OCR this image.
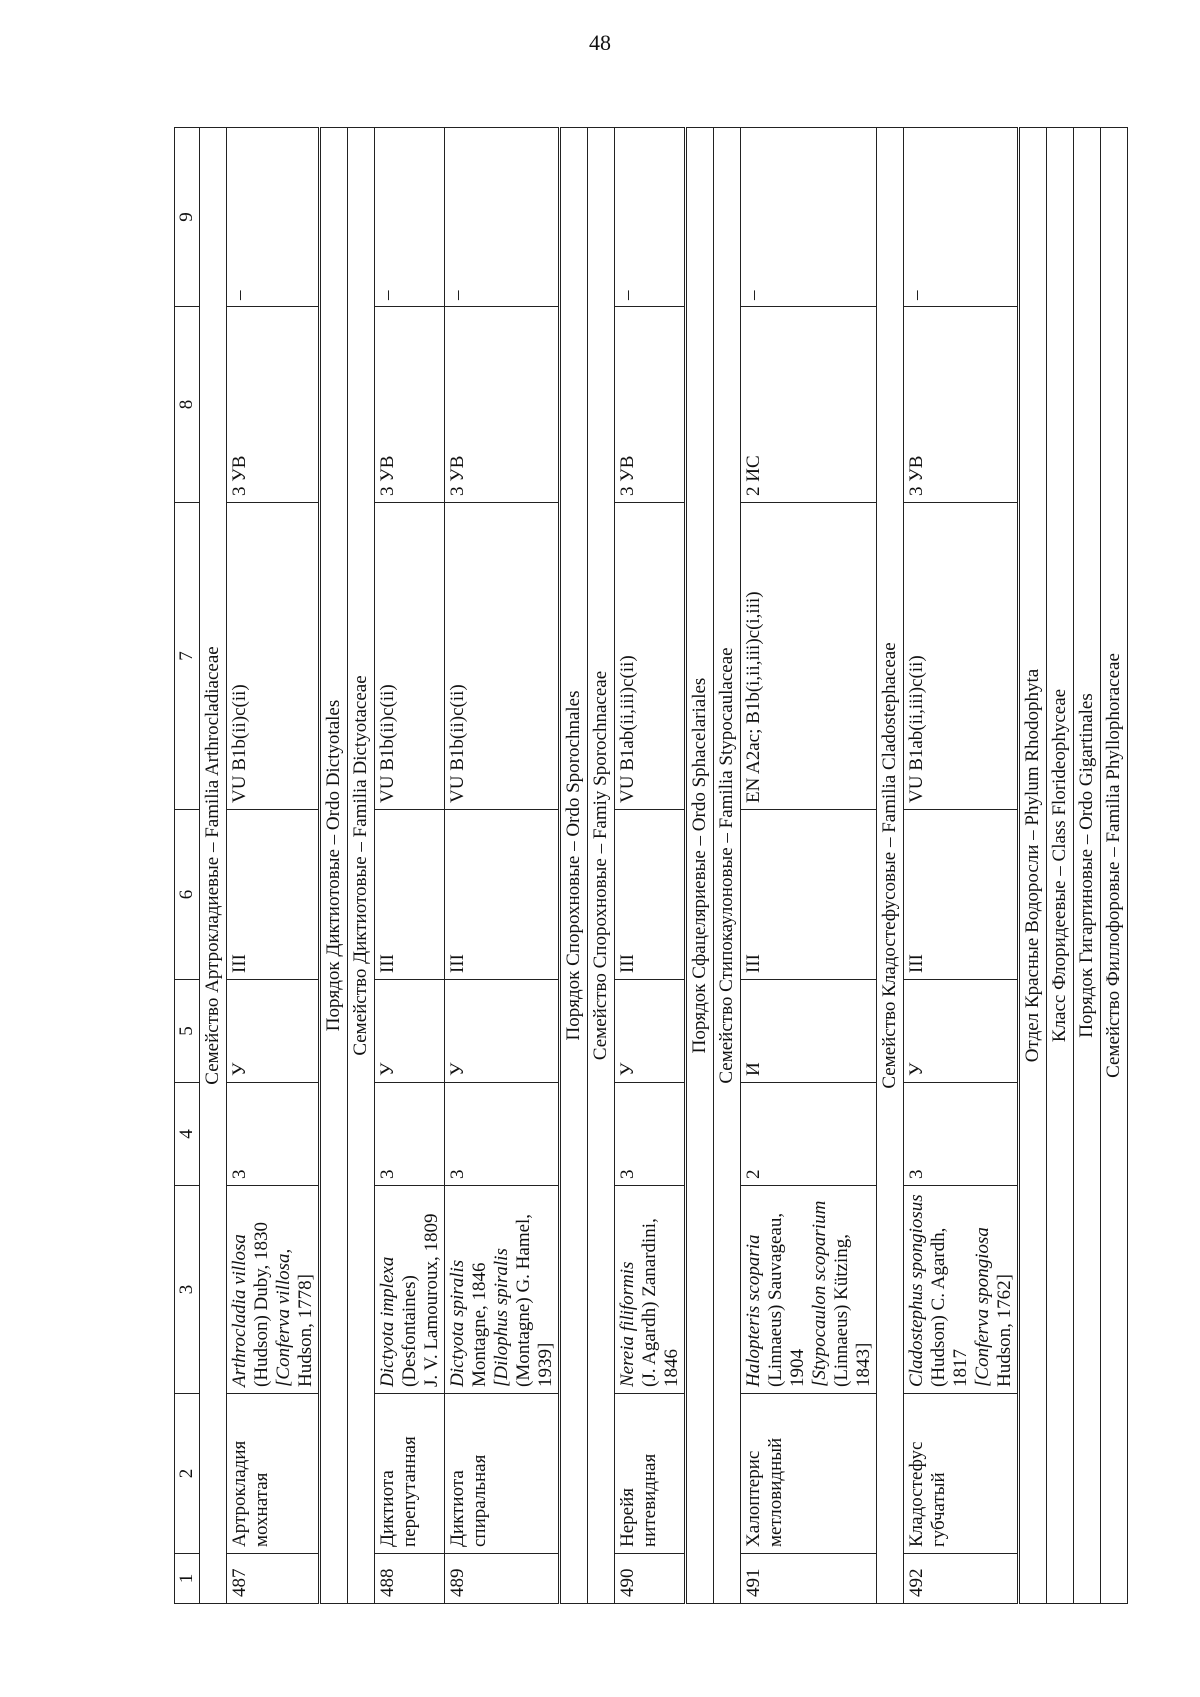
48
1	2	3	4	5	6	7	8	9
Семейство Артрокладиевые – Familia Arthrocladiaceae								
487	Артрокладия мохнатая	Arthrocladia villosa (Hudson) Duby, 1830 [Conferva villosa, Hudson, 1778]	3	У	III	VU B1b(ii)c(ii)	3 УВ	–
Порядок Диктиотовые – Ordo Dictyotales								
Семейство Диктиотовые – Familia Dictyotaceae								
488	Диктиота перепутанная	Dictyota implexa (Desfontaines) J. V. Lamouroux, 1809	3	У	III	VU B1b(ii)c(ii)	3 УВ	–
489	Диктиота спиральная	Dictyota spiralis Montagne, 1846 [Dilophus spiralis (Montagne) G. Hamel, 1939]	3	У	III	VU B1b(ii)c(ii)	3 УВ	–
Порядок Спорохновые – Ordo Sporochnales								
Семейство Спорохновые – Famiy Sporochnaceae								
490	Нерейя нитевидная	Nereia filiformis (J. Agardh) Zanardini, 1846	3	У	III	VU B1ab(ii,iii)c(ii)	3 УВ	–
Порядок Сфацеляриевые – Ordo Sphacelariales								
Семейство Стипокаулоновые – Familia Stypocaulaceae								
491	Халоптерис метловидный	Halopteris scoparia (Linnaeus) Sauvageau, 1904 [Stypocaulon scoparium (Linnaeus) Kützing, 1843]	2	И	III	EN A2ac; B1b(i,ii,iii)c(i,iii)	2 ИС	–
Семейство Кладостефусовые – Familia Cladostephaceae								
492	Кладостефус губчатый	Cladostephus spongiosus (Hudson) C. Agardh, 1817 [Conferva spongiosa Hudson, 1762]	3	У	III	VU B1ab(ii,iii)c(ii)	3 УВ	–
Отдел Красные Водоросли – Phylum Rhodophyta								
Класс Флоридеевые – Class Florideophyceae								
Порядок Гигартиновые – Ordo Gigartinales								
Семейство Филлофоровые – Familia Phyllophoraceae								
